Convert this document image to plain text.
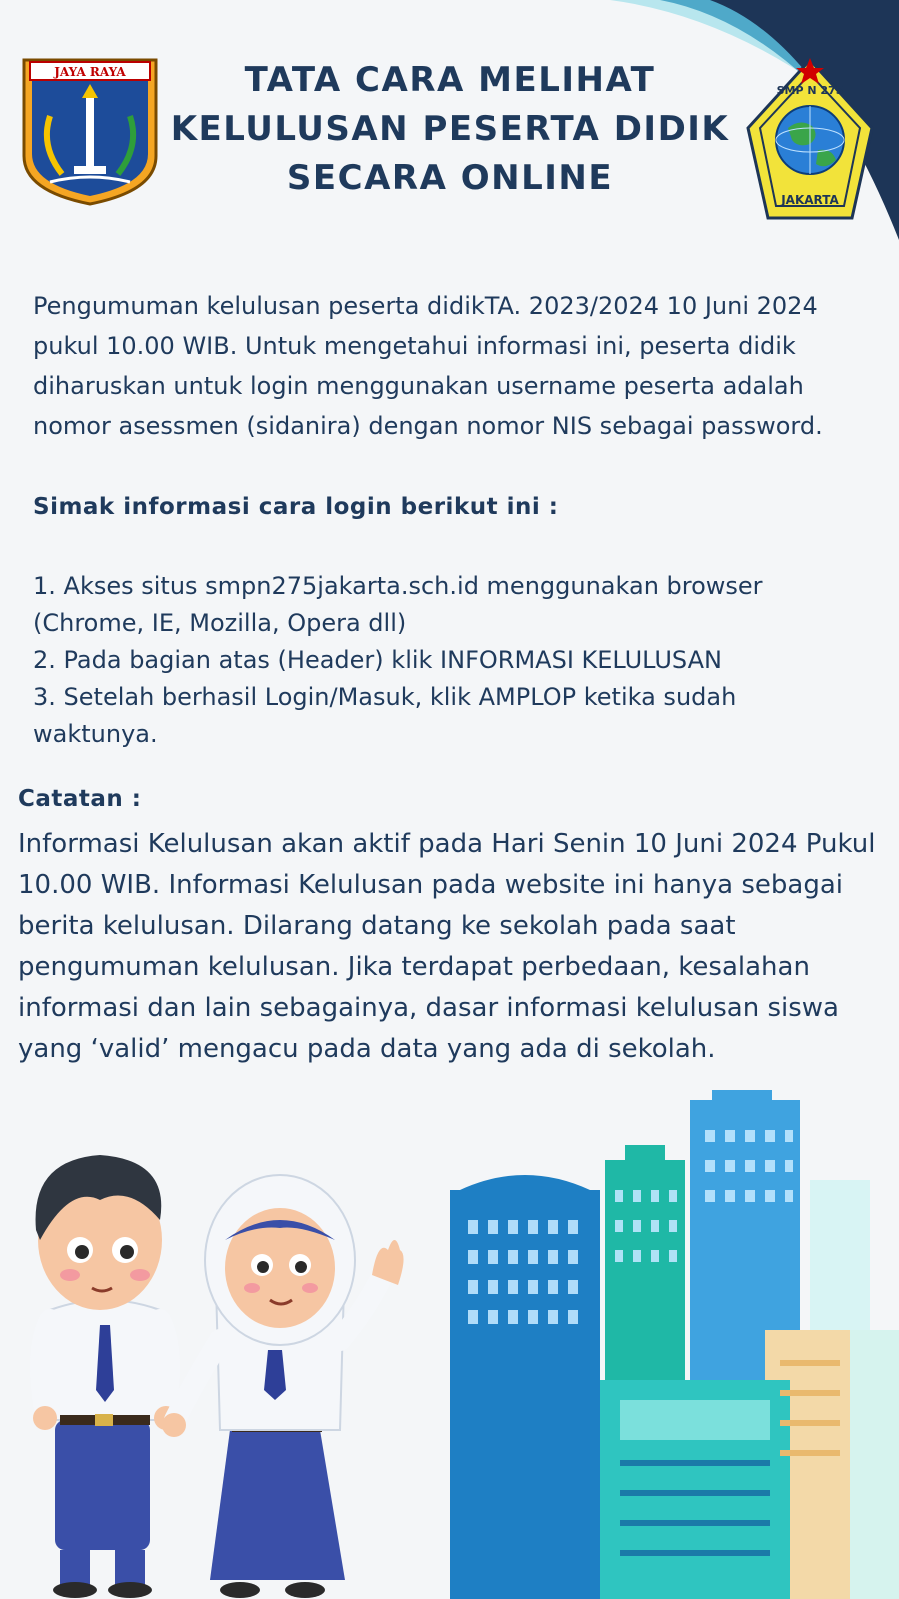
JAYA RAYA	TATA CARA MELIHAT
KELULUSAN PESERTA DIDIK
SECARA ONLINE
SMP N 275
JAKARTA

Pengumuman kelulusan peserta didikTA. 2023/2024 10 Juni 2024 pukul 10.00 WIB. Untuk mengetahui informasi ini, peserta didik diharuskan untuk login menggunakan username peserta adalah nomor asessmen (sidanira) dengan nomor NIS sebagai password.

Simak informasi cara login berikut ini :

1. Akses situs smpn275jakarta.sch.id menggunakan browser (Chrome, IE, Mozilla, Opera dll)
2. Pada bagian atas (Header) klik INFORMASI KELULUSAN
3. Setelah berhasil Login/Masuk, klik AMPLOP ketika sudah waktunya.

Catatan :

Informasi Kelulusan akan aktif pada Hari Senin 10 Juni 2024 Pukul 10.00 WIB. Informasi Kelulusan pada website ini hanya sebagai berita kelulusan. Dilarang datang ke sekolah pada saat pengumuman kelulusan. Jika terdapat perbedaan, kesalahan informasi dan lain sebagainya, dasar informasi kelulusan siswa yang ‘valid’ mengacu pada data yang ada di sekolah.
